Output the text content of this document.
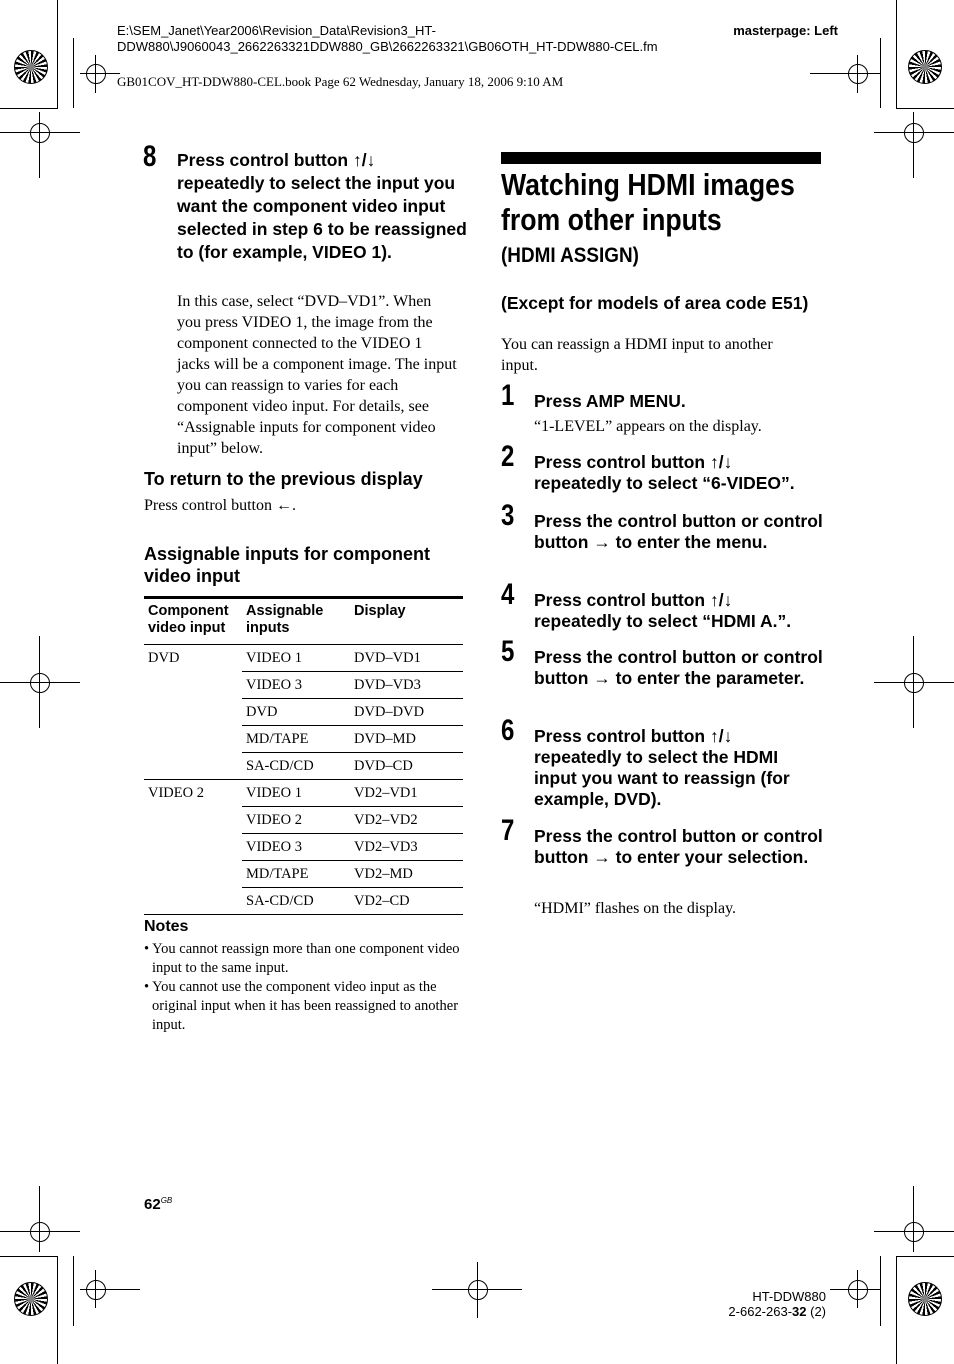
E:\SEM_Janet\Year2006\Revision_Data\Revision3_HT-
DDW880\J9060043_2662263321DDW880_GB\2662263321\GB06OTH_HT-DDW880-CEL.fm
masterpage: Left
GB01COV_HT-DDW880-CEL.book Page 62 Wednesday, January 18, 2006 9:10 AM
8 Press control button ↑/↓
repeatedly to select the input you want the component video input selected in step 6 to be reassigned to (for example, VIDEO 1).
In this case, select “DVD–VD1”. When you press VIDEO 1, the image from the component connected to the VIDEO 1 jacks will be a component image. The input you can reassign to varies for each component video input. For details, see “Assignable inputs for component video input” below.
To return to the previous display
Press control button ←.
Assignable inputs for component video input
Component video input	Assignable inputs	Display
DVD	VIDEO 1	DVD–VD1
	VIDEO 3	DVD–VD3
	DVD	DVD–DVD
	MD/TAPE	DVD–MD
	SA-CD/CD	DVD–CD
VIDEO 2	VIDEO 1	VD2–VD1
	VIDEO 2	VD2–VD2
	VIDEO 3	VD2–VD3
	MD/TAPE	VD2–MD
	SA-CD/CD	VD2–CD
Notes
• You cannot reassign more than one component video input to the same input.
• You cannot use the component video input as the original input when it has been reassigned to another input.
Watching HDMI images
from other inputs
(HDMI ASSIGN)
(Except for models of area code E51)
You can reassign a HDMI input to another input.
1 Press AMP MENU.
“1-LEVEL” appears on the display.
2 Press control button ↑/↓ repeatedly to select “6-VIDEO”.
3 Press the control button or control button → to enter the menu.
4 Press control button ↑/↓ repeatedly to select “HDMI A.”.
5 Press the control button or control button → to enter the parameter.
6 Press control button ↑/↓ repeatedly to select the HDMI input you want to reassign (for example, DVD).
7 Press the control button or control button → to enter your selection.
“HDMI” flashes on the display.
$62^{GB}$
HT-DDW880
2-662-263-32 (2)
